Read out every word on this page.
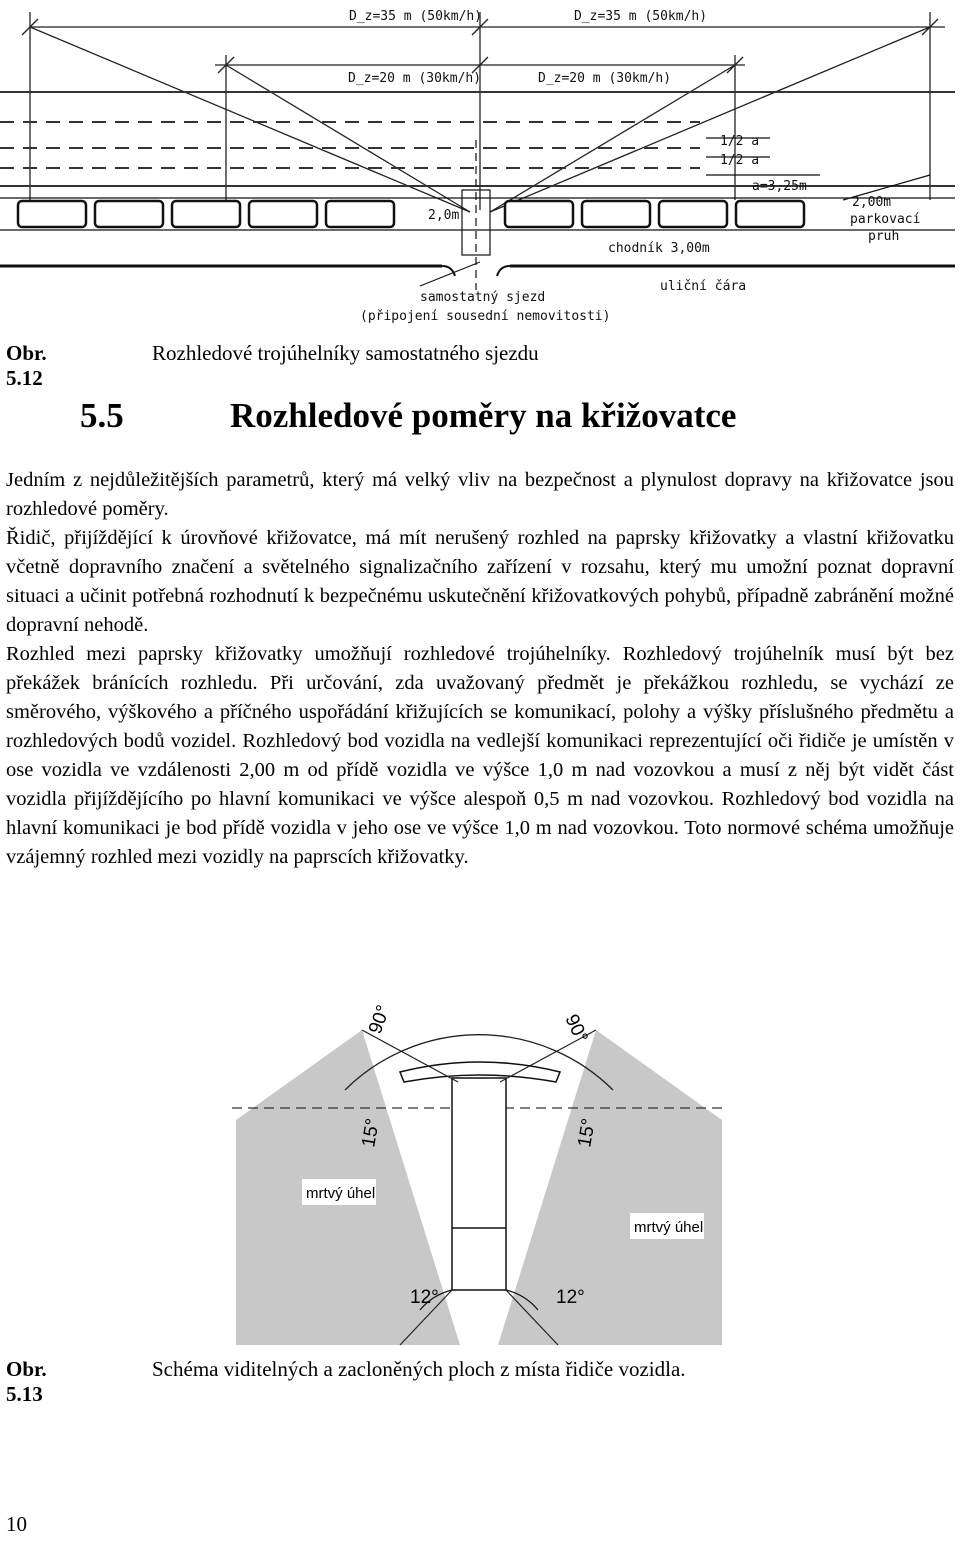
D_z=35 m (50km/h)	D_z=35 m (50km/h)
D_z=20 m (30km/h)	D_z=20 m (30km/h)
1/2 a
1/2 a
a=3,25m
2,00m
parkovací
pruh
2,0m
chodník 3,00m
samostatný sjezd
(připojení sousední nemovitosti)
uliční čára
Obr. 5.12
Rozhledové trojúhelníky samostatného sjezdu
5.5	Rozhledové poměry na křižovatce

Jedním z nejdůležitějších parametrů, který má velký vliv na bezpečnost a plynulost dopravy na křižovatce jsou rozhledové poměry.

Řidič, přijíždějící k úrovňové křižovatce, má mít nerušený rozhled na paprsky křižovatky a vlastní křižovatku včetně dopravního značení a světelného signalizačního zařízení v rozsahu, který mu umožní poznat dopravní situaci a učinit potřebná rozhodnutí k bezpečnému uskutečnění křižovatkových pohybů, případně zabránění možné dopravní nehodě.

Rozhled mezi paprsky křižovatky umožňují rozhledové trojúhelníky. Rozhledový trojúhelník musí být bez překážek bránících rozhledu. Při určování, zda uvažovaný předmět je překážkou rozhledu, se vychází ze směrového, výškového a příčného uspořádání křižujících se komunikací, polohy a výšky příslušného předmětu a rozhledových bodů vozidel. Rozhledový bod vozidla na vedlejší komunikaci reprezentující oči řidiče je umístěn v ose vozidla ve vzdálenosti 2,00 m od přídě vozidla ve výšce 1,0 m nad vozovkou a musí z něj být vidět část vozidla přijíždějícího po hlavní komunikaci ve výšce alespoň 0,5 m nad vozovkou. Rozhledový bod vozidla na hlavní komunikaci je bod přídě vozidla v jeho ose ve výšce 1,0 m nad vozovkou. Toto normové schéma umožňuje vzájemný rozhled mezi vozidly na paprscích křižovatky.

90°	90°
15°	15°
mrtvý úhel
mrtvý úhel
12°	12°
Obr. 5.13
Schéma viditelných a zacloněných ploch z místa řidiče vozidla.
10
